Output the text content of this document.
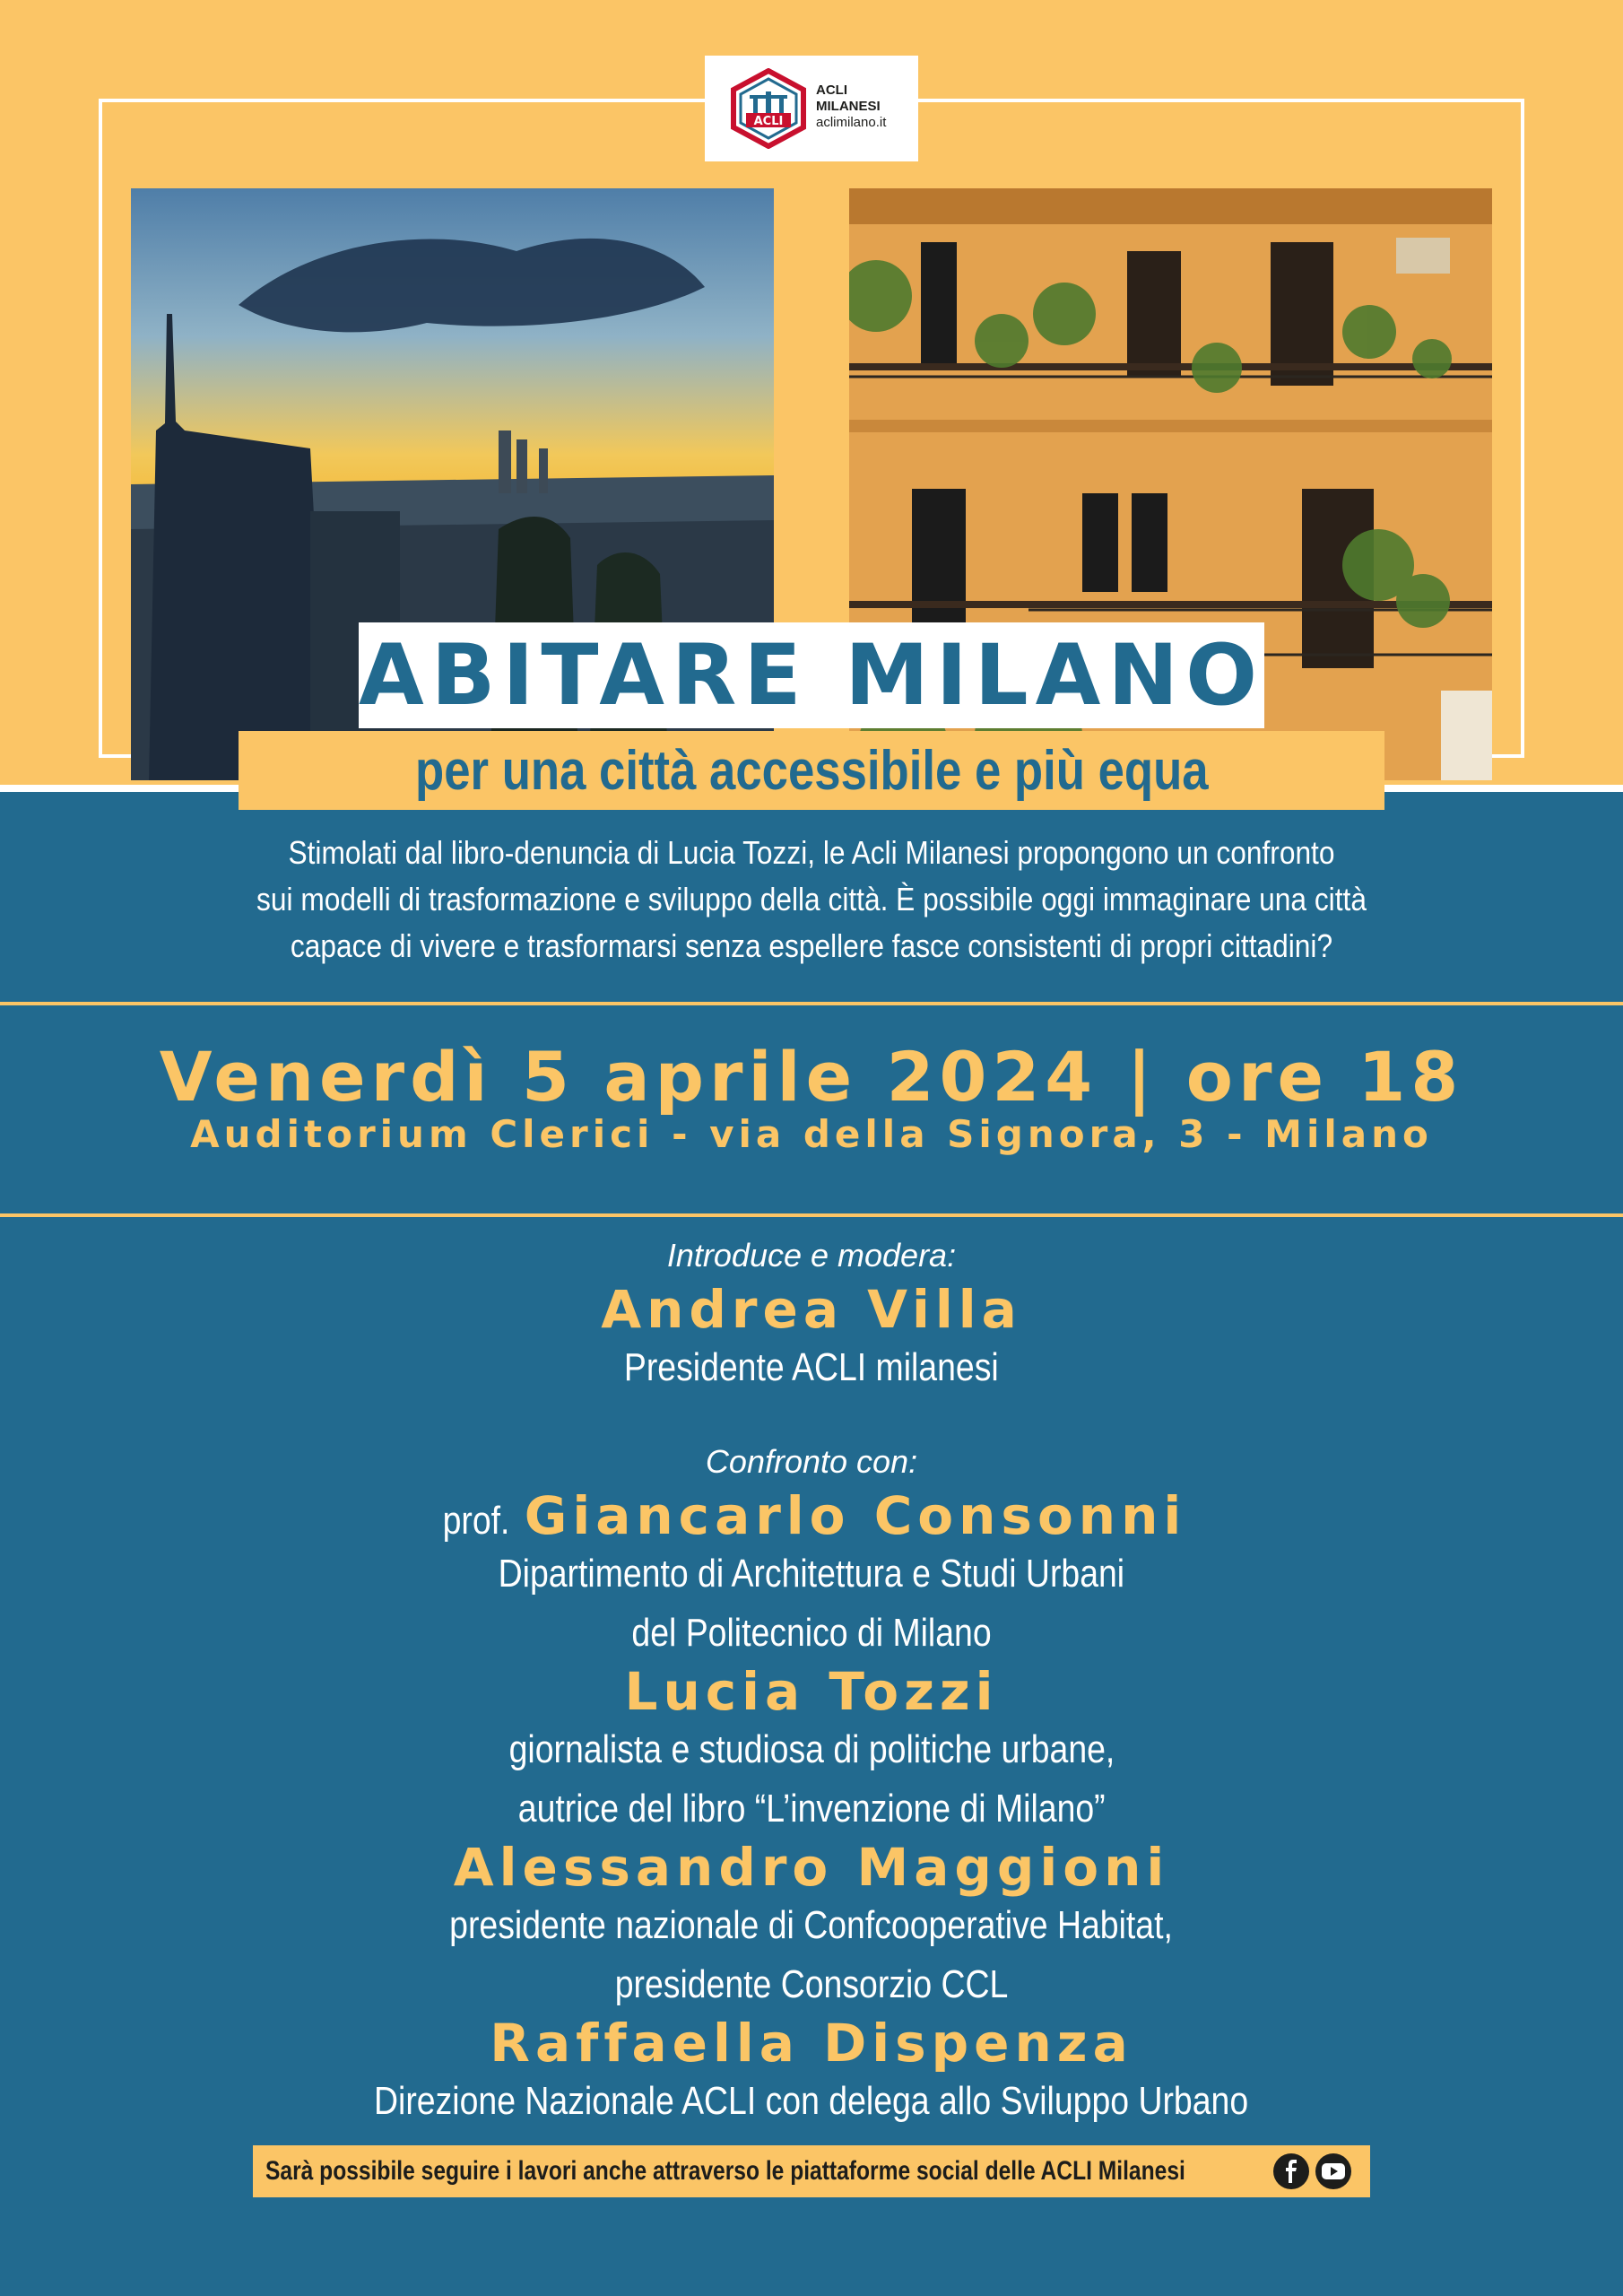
ACLI
ACLI
MILANESI
aclimilano.it
ABITARE MILANO
per una città accessibile e più equa
Stimolati dal libro-denuncia di Lucia Tozzi, le Acli Milanesi propongono un confronto
sui modelli di trasformazione e sviluppo della città. È possibile oggi immaginare una città
capace di vivere e trasformarsi senza espellere fasce consistenti di propri cittadini?
Venerdì 5 aprile 2024 | ore 18
Auditorium Clerici - via della Signora, 3 - Milano
Introduce e modera:
Andrea Villa
Presidente ACLI milanesi
Confronto con:
prof. Giancarlo Consonni
Dipartimento di Architettura e Studi Urbani
del Politecnico di Milano
Lucia Tozzi
giornalista e studiosa di politiche urbane,
autrice del libro “L’invenzione di Milano”
Alessandro Maggioni
presidente nazionale di Confcooperative Habitat,
presidente Consorzio CCL
Raffaella Dispenza
Direzione Nazionale ACLI con delega allo Sviluppo Urbano
Sarà possibile seguire i lavori anche attraverso le piattaforme social delle ACLI Milanesi
